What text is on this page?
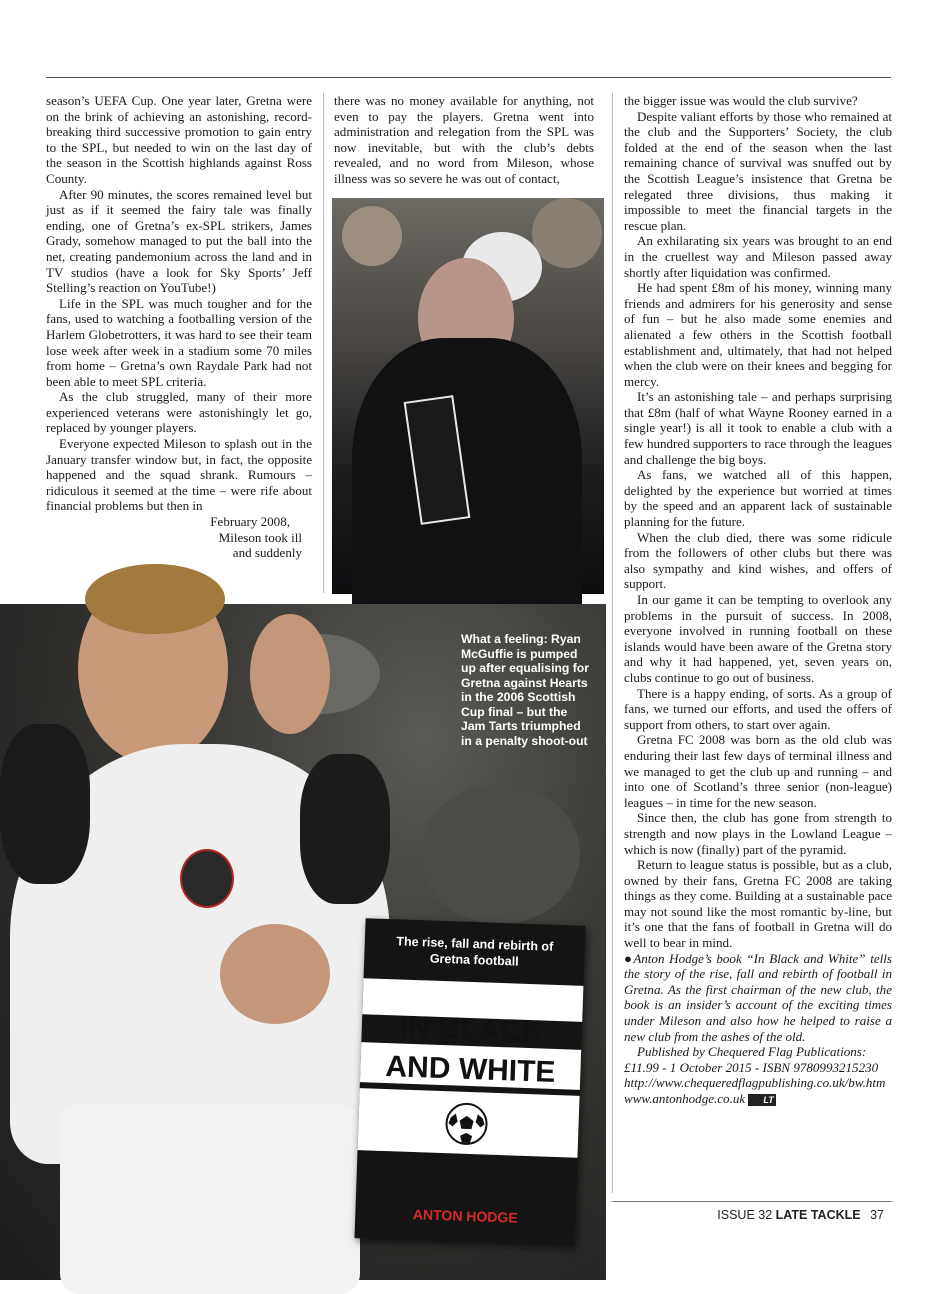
season’s UEFA Cup. One year later, Gretna were on the brink of achieving an astonishing, record-breaking third successive promotion to gain entry to the SPL, but needed to win on the last day of the season in the Scottish highlands against Ross County.

After 90 minutes, the scores remained level but just as if it seemed the fairy tale was finally ending, one of Gretna’s ex-SPL strikers, James Grady, somehow managed to put the ball into the net, creating pandemonium across the land and in TV studios (have a look for Sky Sports’ Jeff Stelling’s reaction on YouTube!)

Life in the SPL was much tougher and for the fans, used to watching a footballing version of the Harlem Globetrotters, it was hard to see their team lose week after week in a stadium some 70 miles from home – Gretna’s own Raydale Park had not been able to meet SPL criteria.

As the club struggled, many of their more experienced veterans were astonishingly let go, replaced by younger players.

Everyone expected Mileson to splash out in the January transfer window but, in fact, the opposite happened and the squad shrank. Rumours – ridiculous it seemed at the time – were rife about financial problems but then in

February 2008,

Mileson took ill

and suddenly

there was no money available for anything, not even to pay the players. Gretna went into administration and relegation from the SPL was now inevitable, but with the club’s debts revealed, and no word from Mileson, whose illness was so severe he was out of contact,

the bigger issue was would the club survive?

Despite valiant efforts by those who remained at the club and the Supporters’ Society, the club folded at the end of the season when the last remaining chance of survival was snuffed out by the Scottish League’s insistence that Gretna be relegated three divisions, thus making it impossible to meet the financial targets in the rescue plan.

An exhilarating six years was brought to an end in the cruellest way and Mileson passed away shortly after liquidation was confirmed.

He had spent £8m of his money, winning many friends and admirers for his generosity and sense of fun – but he also made some enemies and alienated a few others in the Scottish football establishment and, ultimately, that had not helped when the club were on their knees and begging for mercy.

It’s an astonishing tale – and perhaps surprising that £8m (half of what Wayne Rooney earned in a single year!) is all it took to enable a club with a few hundred supporters to race through the leagues and challenge the big boys.

As fans, we watched all of this happen, delighted by the experience but worried at times by the speed and an apparent lack of sustainable planning for the future.

When the club died, there was some ridicule from the followers of other clubs but there was also sympathy and kind wishes, and offers of support.

In our game it can be tempting to overlook any problems in the pursuit of success. In 2008, everyone involved in running football on these islands would have been aware of the Gretna story and why it had happened, yet, seven years on, clubs continue to go out of business.

There is a happy ending, of sorts. As a group of fans, we turned our efforts, and used the offers of support from others, to start over again.

Gretna FC 2008 was born as the old club was enduring their last few days of terminal illness and we managed to get the club up and running – and into one of Scotland’s three senior (non-league) leagues – in time for the new season.

Since then, the club has gone from strength to strength and now plays in the Lowland League – which is now (finally) part of the pyramid.

Return to league status is possible, but as a club, owned by their fans, Gretna FC 2008 are taking things as they come. Building at a sustainable pace may not sound like the most romantic by-line, but it’s one that the fans of football in Gretna will do well to bear in mind.

●Anton Hodge’s book “In Black and White” tells the story of the rise, fall and rebirth of football in Gretna. As the first chairman of the new club, the book is an insider’s account of the exciting times under Mileson and also how he helped to raise a new club from the ashes of the old.

Published by Chequered Flag Publications: £11.99 - 1 October 2015 - ISBN 9780993215230 http://www.chequeredflagpublishing.co.uk/bw.htm www.antonhodge.co.uk LT

What a feeling: Ryan McGuffie is pumped up after equalising for Gretna against Hearts in the 2006 Scottish Cup final – but the Jam Tarts triumphed in a penalty shoot-out
The rise, fall and rebirth of Gretna football
IN BLACK
AND WHITE
ANTON HODGE	ISSUE 32 LATE TACKLE 37
